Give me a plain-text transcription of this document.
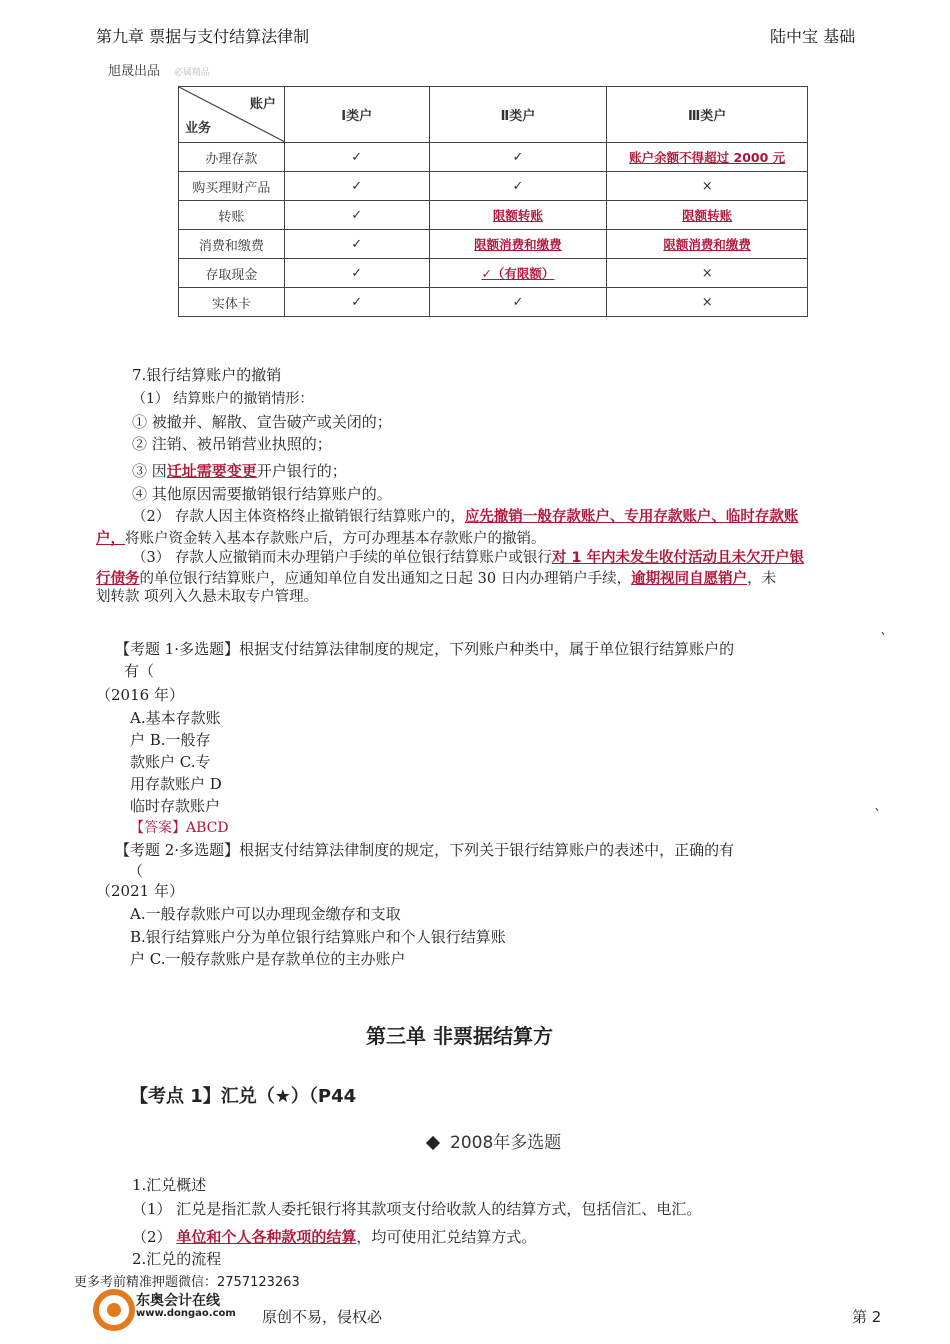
第九章 票据与支付结算法律制	陆中宝 基础
旭晟出品 必属精品
账户
业务	Ⅰ类户	Ⅱ类户	Ⅲ类户
办理存款	✓	✓	账户余额不得超过 2000 元
购买理财产品	✓	✓	×
转账	✓	限额转账	限额转账
消费和缴费	✓	限额消费和缴费	限额消费和缴费
存取现金	✓	✓（有限额）	×
实体卡	✓	✓	×
7.银行结算账户的撤销
（1） 结算账户的撤销情形：
① 被撤并、解散、宣告破产或关闭的；
② 注销、被吊销营业执照的；
③ 因迁址需要变更开户银行的；
④ 其他原因需要撤销银行结算账户的。
（2） 存款人因主体资格终止撤销银行结算账户的，应先撤销一般存款账户、专用存款账户、临时存款账
户，将账户资金转入基本存款账户后，方可办理基本存款账户的撤销。
（3） 存款人应撤销而未办理销户手续的单位银行结算账户或银行对 1 年内未发生收付活动且未欠开户银
行债务的单位银行结算账户，应通知单位自发出通知之日起 30 日内办理销户手续，逾期视同自愿销户，未
划转款 项列入久悬未取专户管理。
【考题 1·多选题】根据支付结算法律制度的规定，下列账户种类中，属于单位银行结算账户的
`
有（
（2016 年）
A.基本存款账
户 B.一般存
款账户 C.专
用存款账户 D
临时存款账户
【答案】ABCD
`
【考题 2·多选题】根据支付结算法律制度的规定，下列关于银行结算账户的表述中，正确的有
（
（2021 年）
A.一般存款账户可以办理现金缴存和支取
B.银行结算账户分为单位银行结算账户和个人银行结算账
户 C.一般存款账户是存款单位的主办账户
第三单 非票据结算方
【考点 1】汇兑（★）（P44
2008年多选题
1.汇兑概述
（1） 汇兑是指汇款人委托银行将其款项支付给收款人的结算方式，包括信汇、电汇。
（2） 单位和个人各种款项的结算，均可使用汇兑结算方式。
2.汇兑的流程
更多考前精准押题微信：2757123263
东奥会计在线
www.dongao.com 原创不易，侵权必	第 2
